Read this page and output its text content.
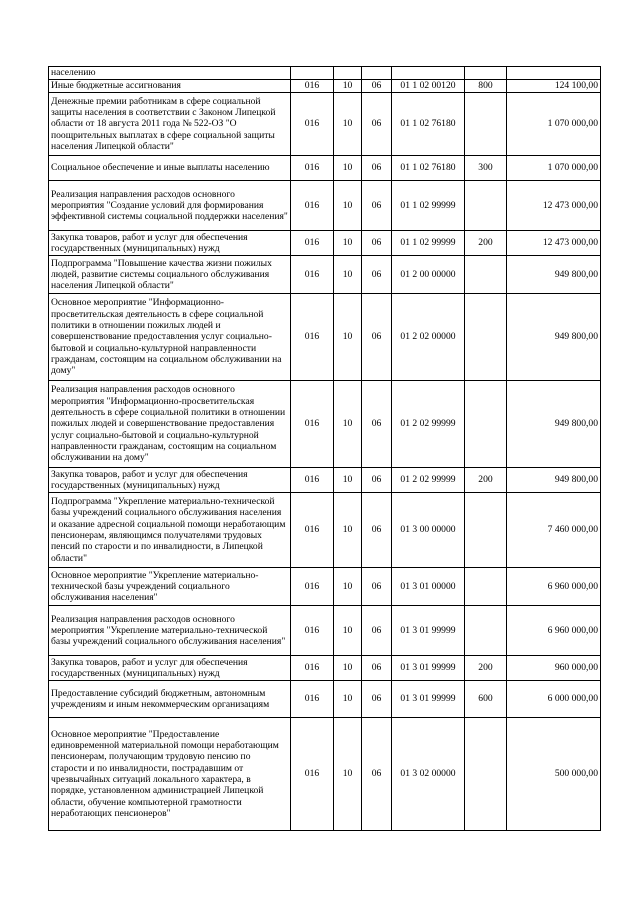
населению						
Иные бюджетные ассигнования	016	10	06	01 1 02 00120	800	124 100,00
Денежные премии работникам в сфере социальной защиты населения в соответствии с Законом Липецкой области от 18 августа 2011 года № 522-ОЗ "О поощрительных выплатах в сфере социальной защиты населения Липецкой области"	016	10	06	01 1 02 76180		1 070 000,00
Социальное обеспечение и иные выплаты населению	016	10	06	01 1 02 76180	300	1 070 000,00
Реализация направления расходов основного мероприятия "Создание условий для формирования эффективной системы социальной поддержки населения"	016	10	06	01 1 02 99999		12 473 000,00
Закупка товаров, работ и услуг для обеспечения государственных (муниципальных) нужд	016	10	06	01 1 02 99999	200	12 473 000,00
Подпрограмма "Повышение качества жизни пожилых людей, развитие системы социального обслуживания населения Липецкой области"	016	10	06	01 2 00 00000		949 800,00
Основное мероприятие "Информационно-просветительская деятельность в сфере социальной политики в отношении пожилых людей и совершенствование предоставления услуг социально-бытовой и социально-культурной направленности гражданам, состоящим на социальном обслуживании на дому"	016	10	06	01 2 02 00000		949 800,00
Реализация направления расходов основного мероприятия "Информационно-просветительская деятельность в сфере социальной политики в отношении пожилых людей и совершенствование предоставления услуг социально-бытовой и социально-культурной направленности гражданам, состоящим на социальном обслуживании на дому"	016	10	06	01 2 02 99999		949 800,00
Закупка товаров, работ и услуг для обеспечения государственных (муниципальных) нужд	016	10	06	01 2 02 99999	200	949 800,00
Подпрограмма "Укрепление материально-технической базы учреждений социального обслуживания населения и оказание адресной социальной помощи неработающим пенсионерам, являющимся получателями трудовых пенсий по старости и по инвалидности, в Липецкой области"	016	10	06	01 3 00 00000		7 460 000,00
Основное мероприятие "Укрепление материально-технической базы учреждений социального обслуживания населения"	016	10	06	01 3 01 00000		6 960 000,00
Реализация направления расходов основного мероприятия "Укрепление материально-технической базы учреждений социального обслуживания населения"	016	10	06	01 3 01 99999		6 960 000,00
Закупка товаров, работ и услуг для обеспечения государственных (муниципальных) нужд	016	10	06	01 3 01 99999	200	960 000,00
Предоставление субсидий бюджетным, автономным учреждениям и иным некоммерческим организациям	016	10	06	01 3 01 99999	600	6 000 000,00
Основное мероприятие "Предоставление единовременной материальной помощи неработающим пенсионерам, получающим трудовую пенсию по старости и по инвалидности, пострадавшим от чрезвычайных ситуаций локального характера, в порядке, установленном администрацией Липецкой области, обучение компьютерной грамотности неработающих пенсионеров"	016	10	06	01 3 02 00000		500 000,00
